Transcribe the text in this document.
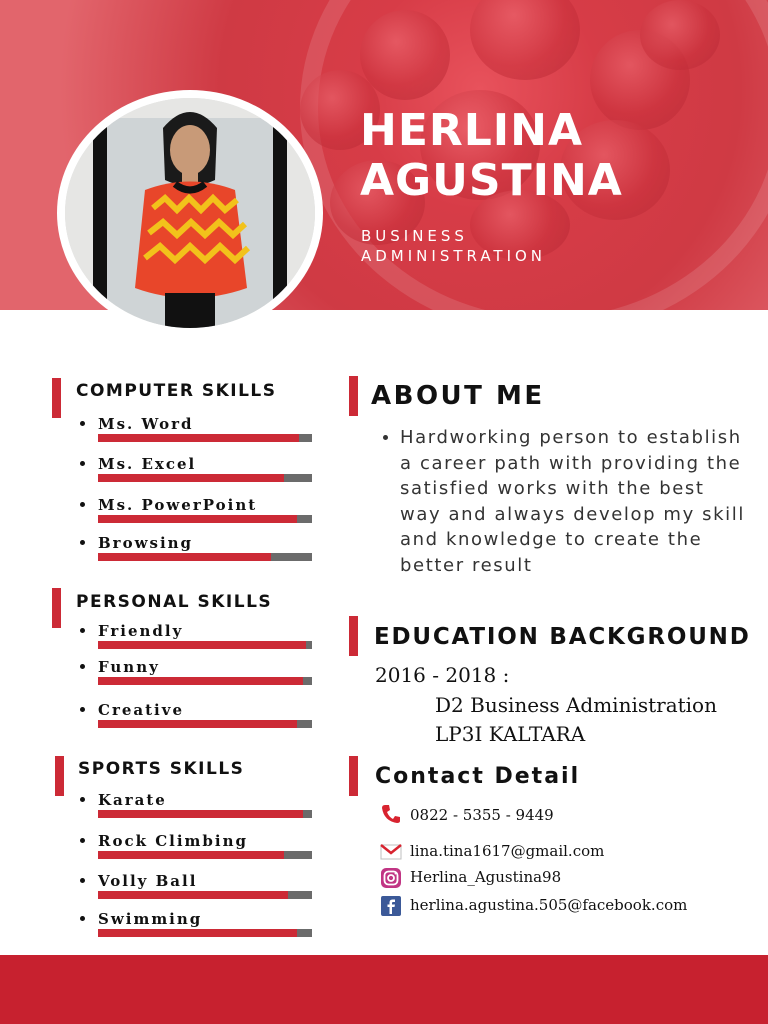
HERLINA
AGUSTINA
BUSINESS
ADMINISTRATION
COMPUTER SKILLS
Ms. Word
Ms. Excel
Ms. PowerPoint
Browsing
PERSONAL SKILLS
Friendly
Funny
Creative
SPORTS SKILLS
Karate
Rock Climbing
Volly Ball
Swimming
ABOUT ME
Hardworking person to establish a career path with providing the satisfied works with the best way and always develop my skill and knowledge to create the better result
EDUCATION BACKGROUND
2016 - 2018 :
D2 Business Administration
LP3I KALTARA
Contact Detail
0822 - 5355 - 9449
lina.tina1617@gmail.com
Herlina_Agustina98
herlina.agustina.505@facebook.com
